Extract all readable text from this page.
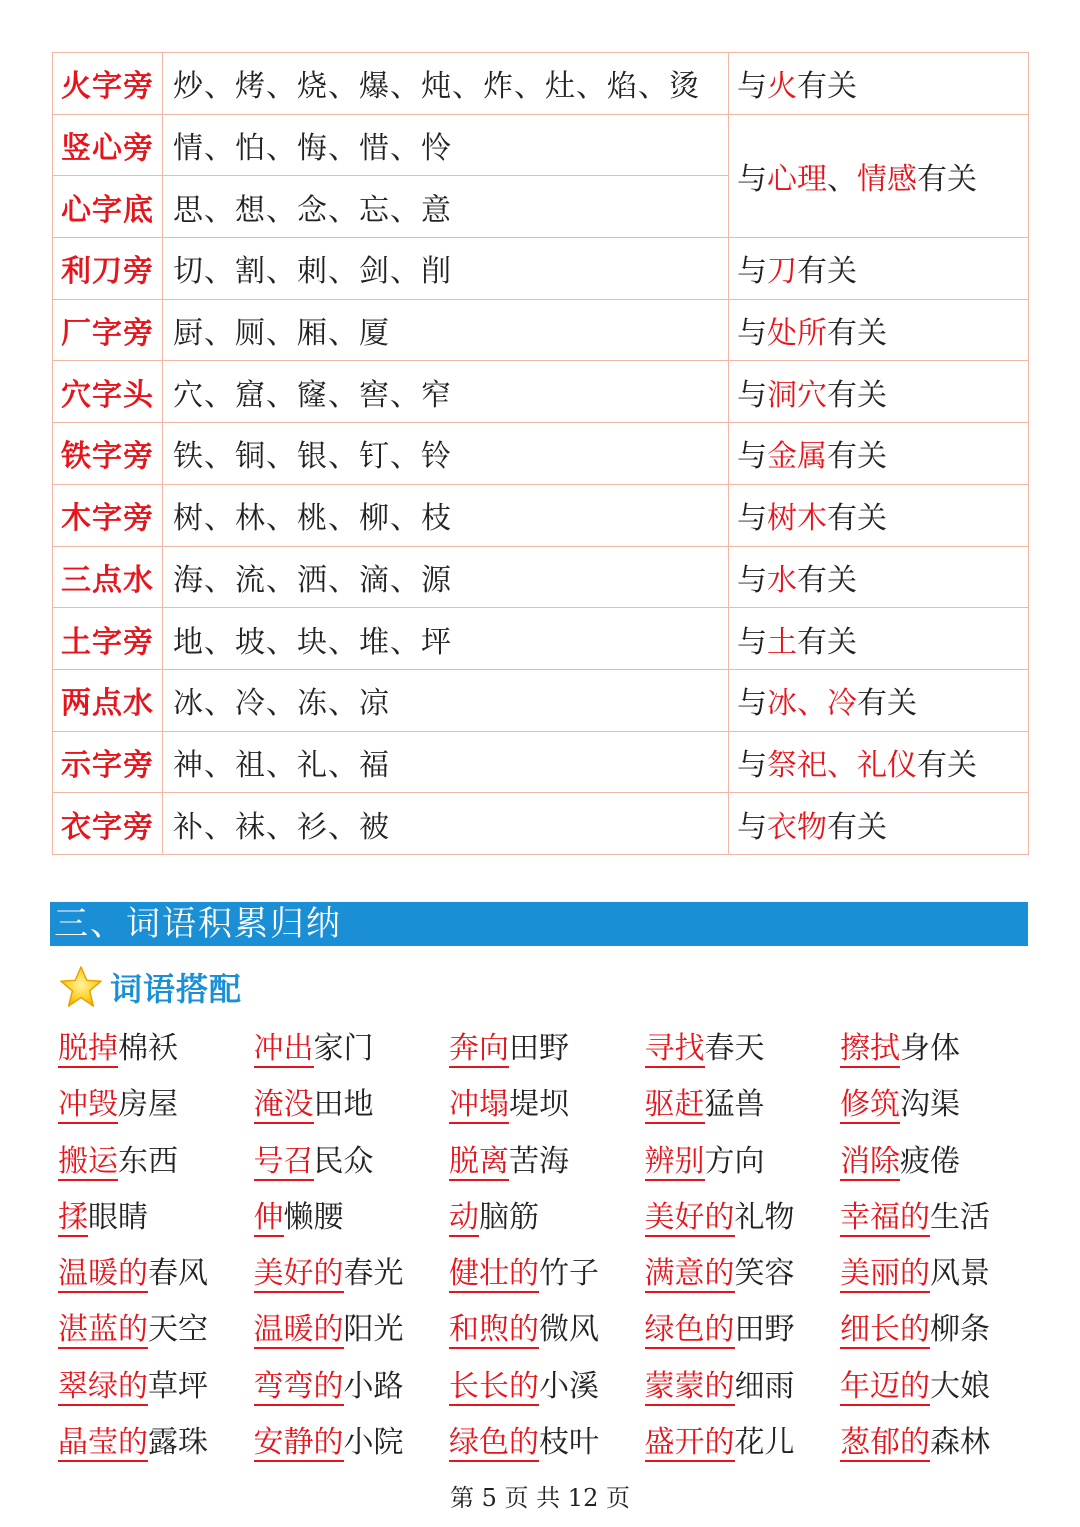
火字旁	炒、烤、烧、爆、炖、炸、灶、焰、烫	与火有关
竖心旁	情、怕、悔、惜、怜	与心理、情感有关
心字底	思、想、念、忘、意	
利刀旁	切、割、刺、剑、削	与刀有关
厂字旁	厨、厕、厢、厦	与处所有关
穴字头	穴、窟、窿、窖、窄	与洞穴有关
铁字旁	铁、铜、银、钉、铃	与金属有关
木字旁	树、林、桃、柳、枝	与树木有关
三点水	海、流、洒、滴、源	与水有关
土字旁	地、坡、块、堆、坪	与土有关
两点水	冰、冷、冻、凉	与冰、冷有关
示字旁	神、祖、礼、福	与祭祀、礼仪有关
衣字旁	补、袜、衫、被	与衣物有关
三、词语积累归纳
词语搭配
脱掉棉袄	冲出家门	奔向田野	寻找春天	擦拭身体
冲毁房屋	淹没田地	冲塌堤坝	驱赶猛兽	修筑沟渠
搬运东西	号召民众	脱离苦海	辨别方向	消除疲倦
揉眼睛	伸懒腰	动脑筋	美好的礼物	幸福的生活
温暖的春风	美好的春光	健壮的竹子	满意的笑容	美丽的风景
湛蓝的天空	温暖的阳光	和煦的微风	绿色的田野	细长的柳条
翠绿的草坪	弯弯的小路	长长的小溪	蒙蒙的细雨	年迈的大娘
晶莹的露珠	安静的小院	绿色的枝叶	盛开的花儿	葱郁的森林
第 5 页 共 12 页
